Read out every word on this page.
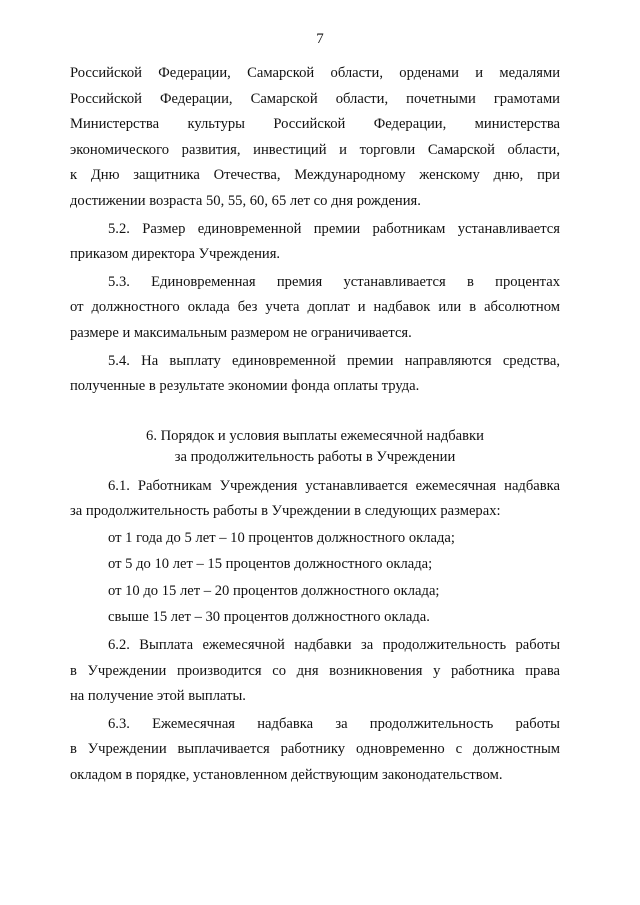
7
Российской Федерации, Самарской области, орденами и медалями
Российской Федерации, Самарской области, почетными грамотами
Министерства культуры Российской Федерации, министерства
экономического развития, инвестиций и торговли Самарской области,
к Дню защитника Отечества, Международному женскому дню, при
достижении возраста 50, 55, 60, 65 лет со дня рождения.
5.2. Размер единовременной премии работникам устанавливается
приказом директора Учреждения.
5.3. Единовременная премия устанавливается в процентах
от должностного оклада без учета доплат и надбавок или в абсолютном
размере и максимальным размером не ограничивается.
5.4. На выплату единовременной премии направляются средства,
полученные в результате экономии фонда оплаты труда.
6. Порядок и условия выплаты ежемесячной надбавки
за продолжительность работы в Учреждении
6.1. Работникам Учреждения устанавливается ежемесячная надбавка
за продолжительность работы в Учреждении в следующих размерах:
от 1 года до 5 лет – 10 процентов должностного оклада;
от 5 до 10 лет – 15 процентов должностного оклада;
от 10 до 15 лет – 20 процентов должностного оклада;
свыше 15 лет – 30 процентов должностного оклада.
6.2. Выплата ежемесячной надбавки за продолжительность работы
в Учреждении производится со дня возникновения у работника права
на получение этой выплаты.
6.3. Ежемесячная надбавка за продолжительность работы
в Учреждении выплачивается работнику одновременно с должностным
окладом в порядке, установленном действующим законодательством.
